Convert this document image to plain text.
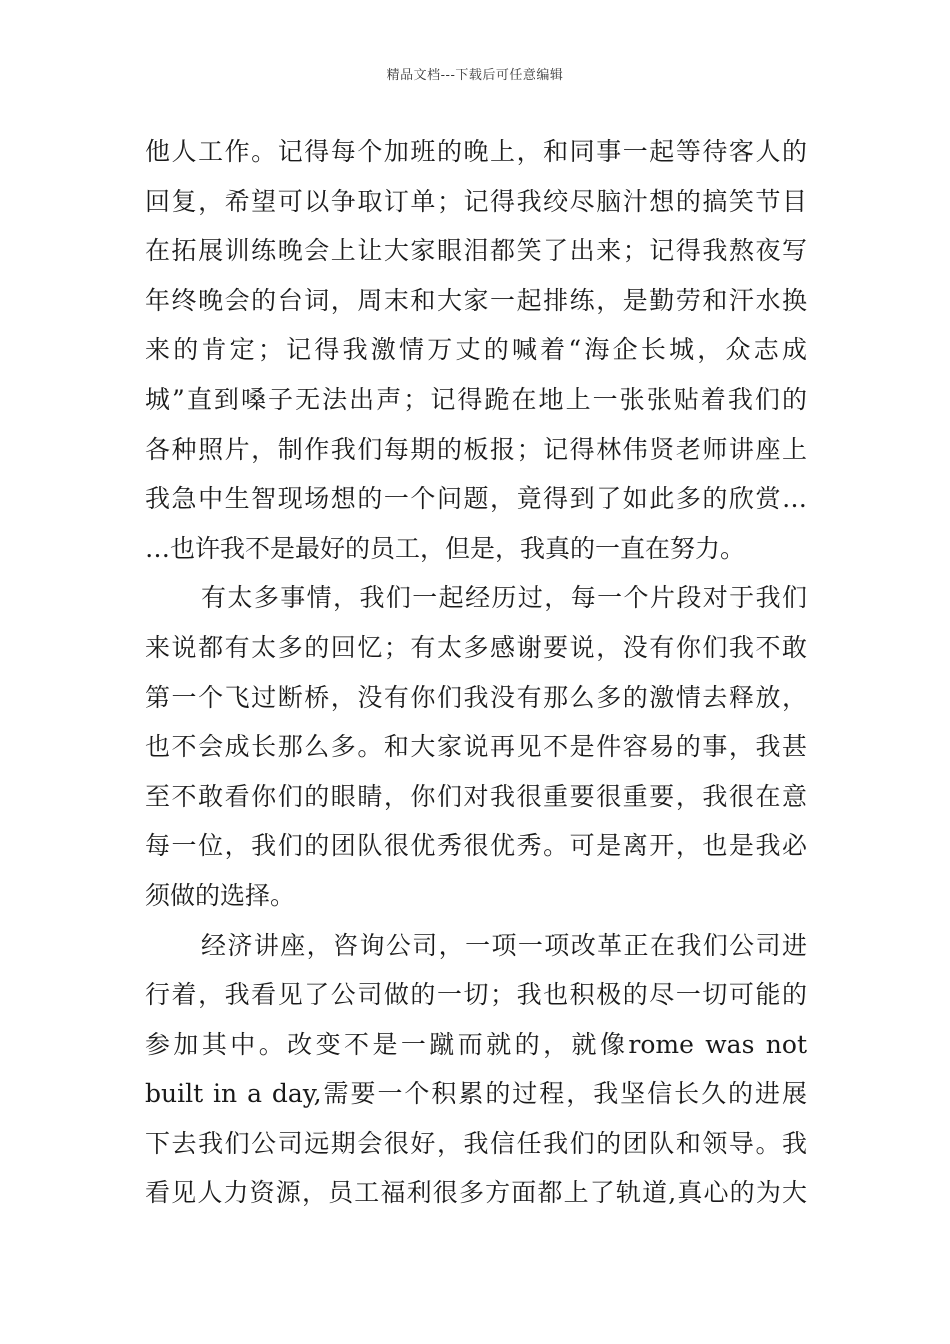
精品文档---下载后可任意编辑
他人工作。记得每个加班的晚上，和同事一起等待客人的
回复，希望可以争取订单；记得我绞尽脑汁想的搞笑节目
在拓展训练晚会上让大家眼泪都笑了出来；记得我熬夜写
年终晚会的台词，周末和大家一起排练，是勤劳和汗水换
来的肯定；记得我激情万丈的喊着“海企长城，众志成
城”直到嗓子无法出声；记得跪在地上一张张贴着我们的
各种照片，制作我们每期的板报；记得林伟贤老师讲座上
我急中生智现场想的一个问题，竟得到了如此多的欣赏…
…也许我不是最好的员工，但是，我真的一直在努力。
有太多事情，我们一起经历过，每一个片段对于我们
来说都有太多的回忆；有太多感谢要说，没有你们我不敢
第一个飞过断桥，没有你们我没有那么多的激情去释放，
也不会成长那么多。和大家说再见不是件容易的事，我甚
至不敢看你们的眼睛，你们对我很重要很重要，我很在意
每一位，我们的团队很优秀很优秀。可是离开，也是我必
须做的选择。
经济讲座，咨询公司，一项一项改革正在我们公司进
行着，我看见了公司做的一切；我也积极的尽一切可能的
参加其中。改变不是一蹴而就的，就像rome was not
built in a day,需要一个积累的过程，我坚信长久的进展
下去我们公司远期会很好，我信任我们的团队和领导。我
看见人力资源，员工福利很多方面都上了轨道,真心的为大
